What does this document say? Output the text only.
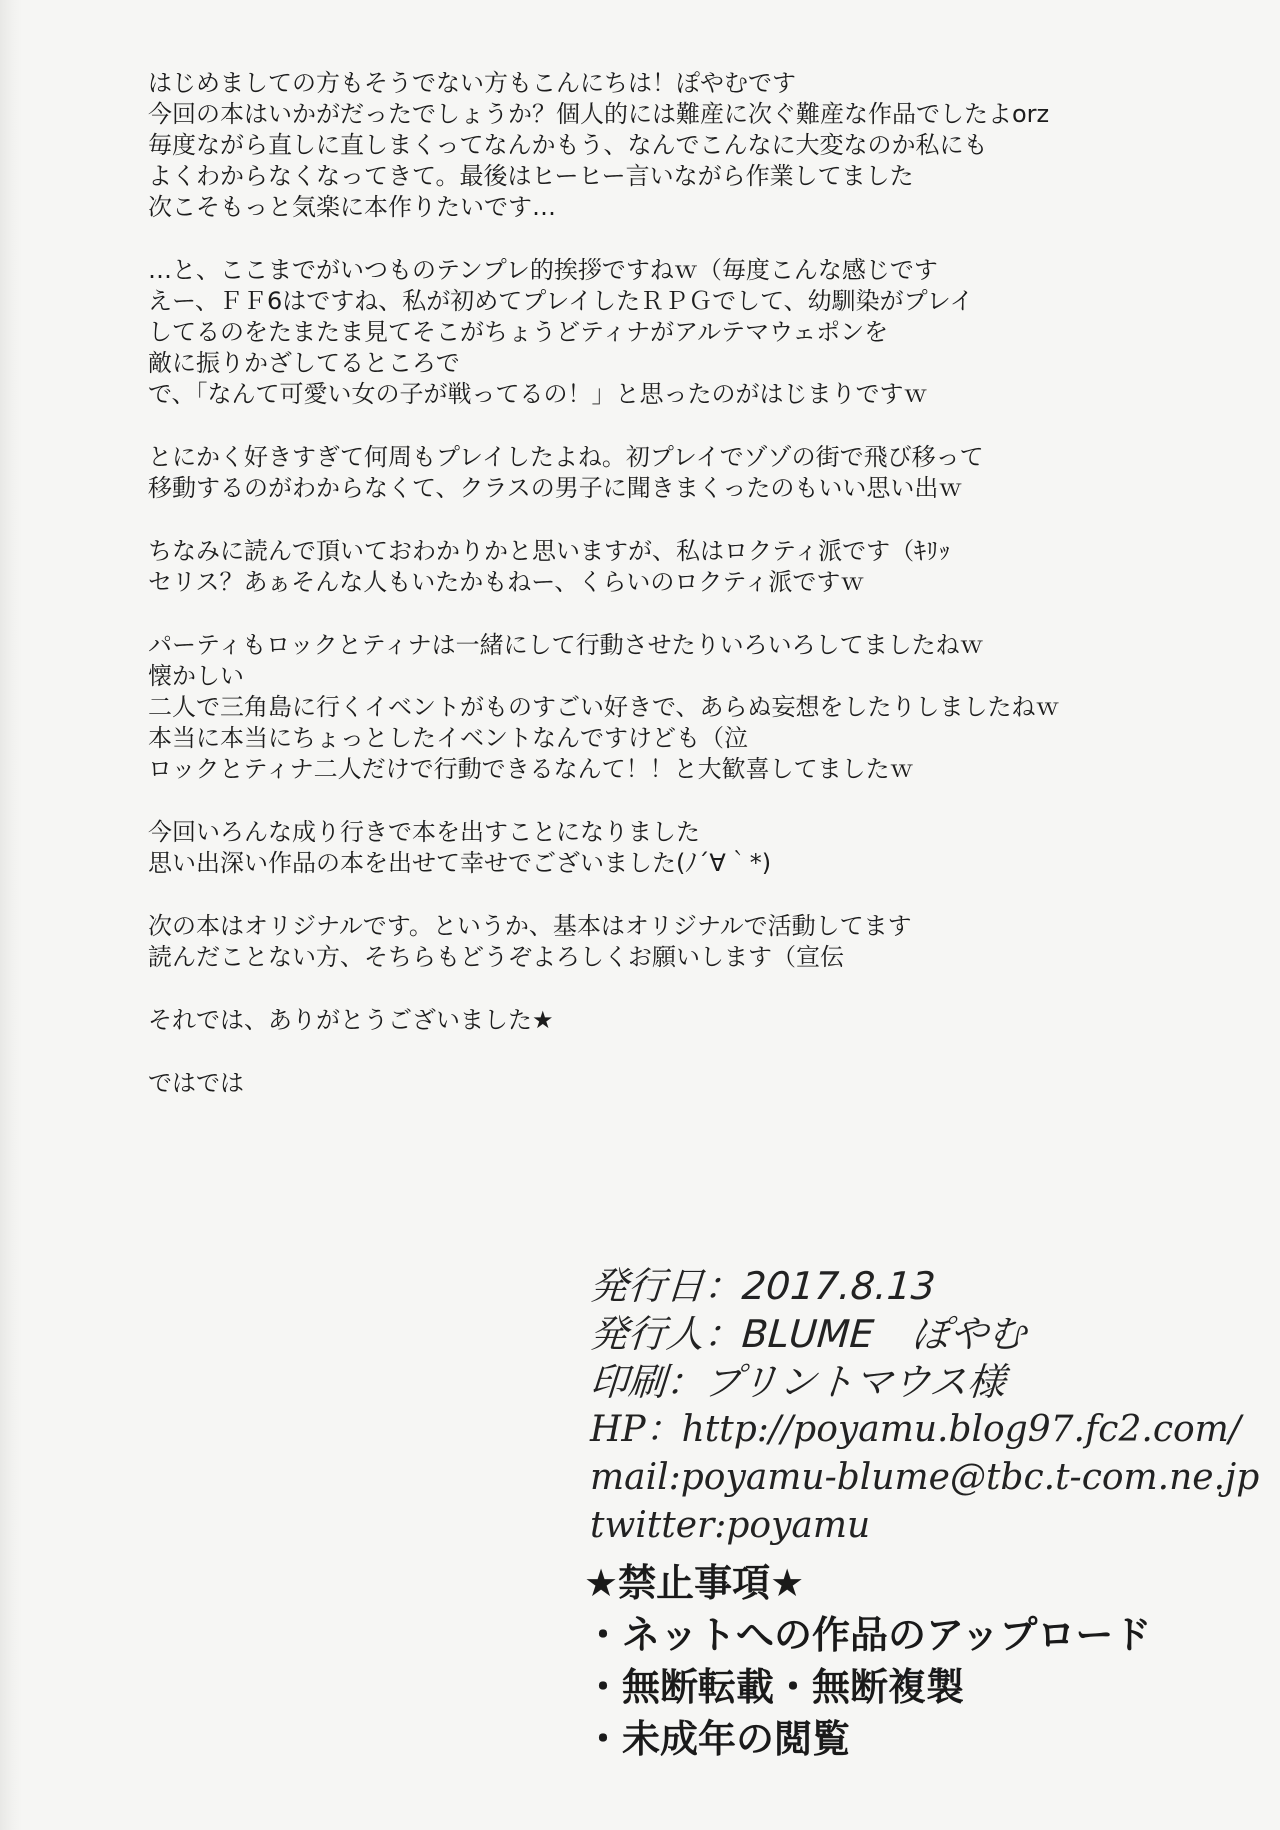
はじめましての方もそうでない方もこんにちは！ぽやむです
今回の本はいかがだったでしょうか？個人的には難産に次ぐ難産な作品でしたよorz
毎度ながら直しに直しまくってなんかもう、なんでこんなに大変なのか私にも
よくわからなくなってきて。最後はヒーヒー言いながら作業してました
次こそもっと気楽に本作りたいです…
…と、ここまでがいつものテンプレ的挨拶ですねｗ（毎度こんな感じです
えー、ＦＦ6はですね、私が初めてプレイしたＲＰＧでして、幼馴染がプレイ
してるのをたまたま見てそこがちょうどティナがアルテマウェポンを
敵に振りかざしてるところで
で、「なんて可愛い女の子が戦ってるの！」と思ったのがはじまりですｗ
とにかく好きすぎて何周もプレイしたよね。初プレイでゾゾの街で飛び移って
移動するのがわからなくて、クラスの男子に聞きまくったのもいい思い出ｗ
ちなみに読んで頂いておわかりかと思いますが、私はロクティ派です（ｷﾘｯ
セリス？あぁそんな人もいたかもねー、くらいのロクティ派ですｗ
パーティもロックとティナは一緒にして行動させたりいろいろしてましたねｗ
懐かしい
二人で三角島に行くイベントがものすごい好きで、あらぬ妄想をしたりしましたねｗ
本当に本当にちょっとしたイベントなんですけども（泣
ロックとティナ二人だけで行動できるなんて！！と大歓喜してましたｗ
今回いろんな成り行きで本を出すことになりました
思い出深い作品の本を出せて幸せでございました(ﾉ´∀｀*)
次の本はオリジナルです。というか、基本はオリジナルで活動してます
読んだことない方、そちらもどうぞよろしくお願いします（宣伝
それでは、ありがとうございました★
ではでは
発行日：2017.8.13
発行人：BLUME　ぽやむ
印刷：プリントマウス様
HP：http://poyamu.blog97.fc2.com/
mail:poyamu-blume@tbc.t-com.ne.jp
twitter:poyamu
★禁止事項★
・ネットへの作品のアップロード
・無断転載・無断複製
・未成年の閲覧
